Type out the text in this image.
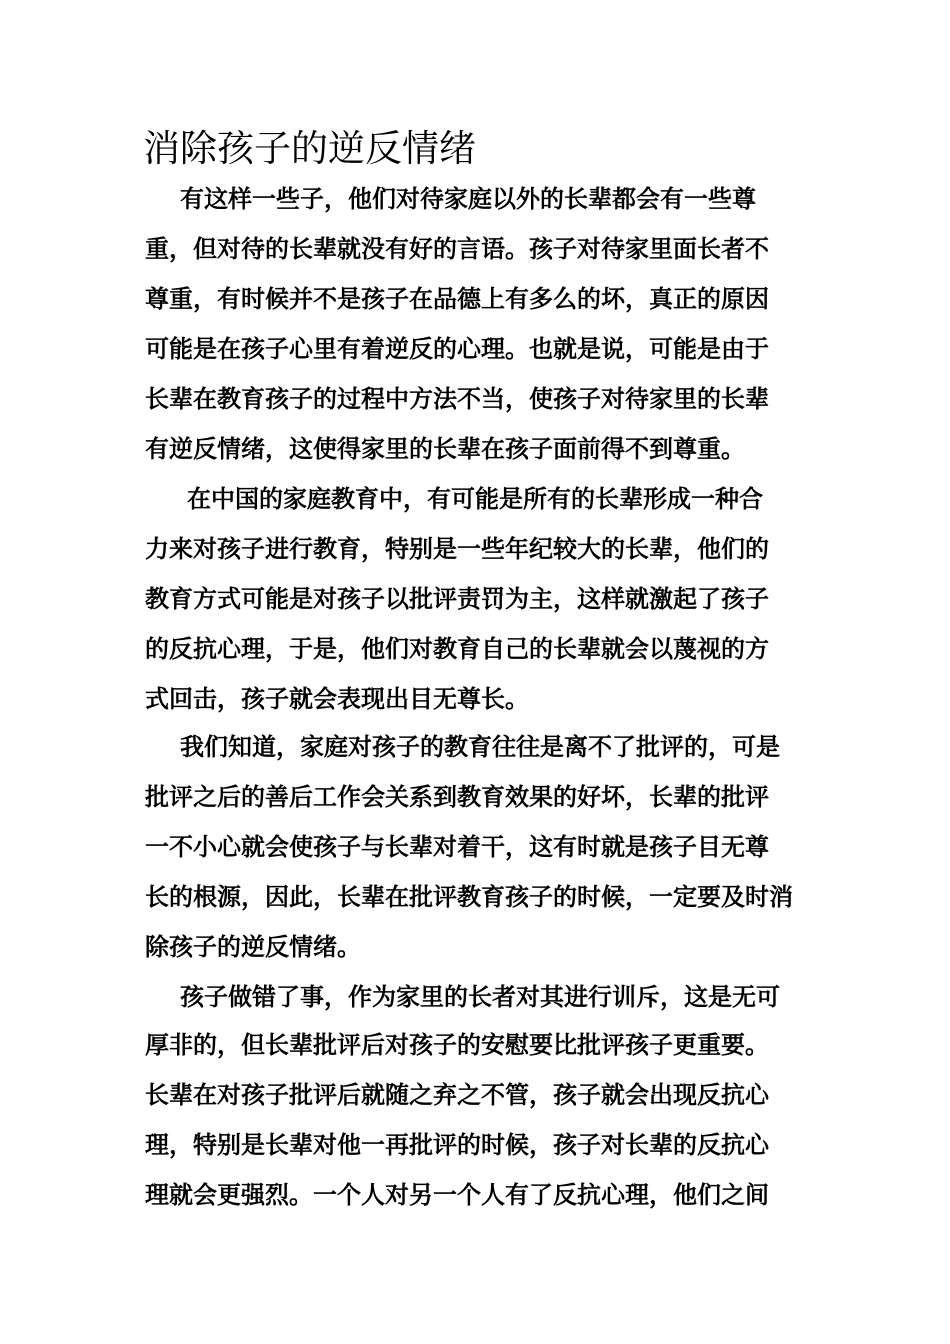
消除孩子的逆反情绪
有这样一些子，他们对待家庭以外的长辈都会有一些尊
重，但对待的长辈就没有好的言语。孩子对待家里面长者不
尊重，有时候并不是孩子在品德上有多么的坏，真正的原因
可能是在孩子心里有着逆反的心理。也就是说，可能是由于
长辈在教育孩子的过程中方法不当，使孩子对待家里的长辈
有逆反情绪，这使得家里的长辈在孩子面前得不到尊重。
在中国的家庭教育中，有可能是所有的长辈形成一种合
力来对孩子进行教育，特别是一些年纪较大的长辈，他们的
教育方式可能是对孩子以批评责罚为主，这样就激起了孩子
的反抗心理，于是，他们对教育自己的长辈就会以蔑视的方
式回击，孩子就会表现出目无尊长。
我们知道，家庭对孩子的教育往往是离不了批评的，可是
批评之后的善后工作会关系到教育效果的好坏，长辈的批评
一不小心就会使孩子与长辈对着干，这有时就是孩子目无尊
长的根源，因此，长辈在批评教育孩子的时候，一定要及时消
除孩子的逆反情绪。
孩子做错了事，作为家里的长者对其进行训斥，这是无可
厚非的，但长辈批评后对孩子的安慰要比批评孩子更重要。
长辈在对孩子批评后就随之弃之不管，孩子就会出现反抗心
理，特别是长辈对他一再批评的时候，孩子对长辈的反抗心
理就会更强烈。一个人对另一个人有了反抗心理，他们之间
